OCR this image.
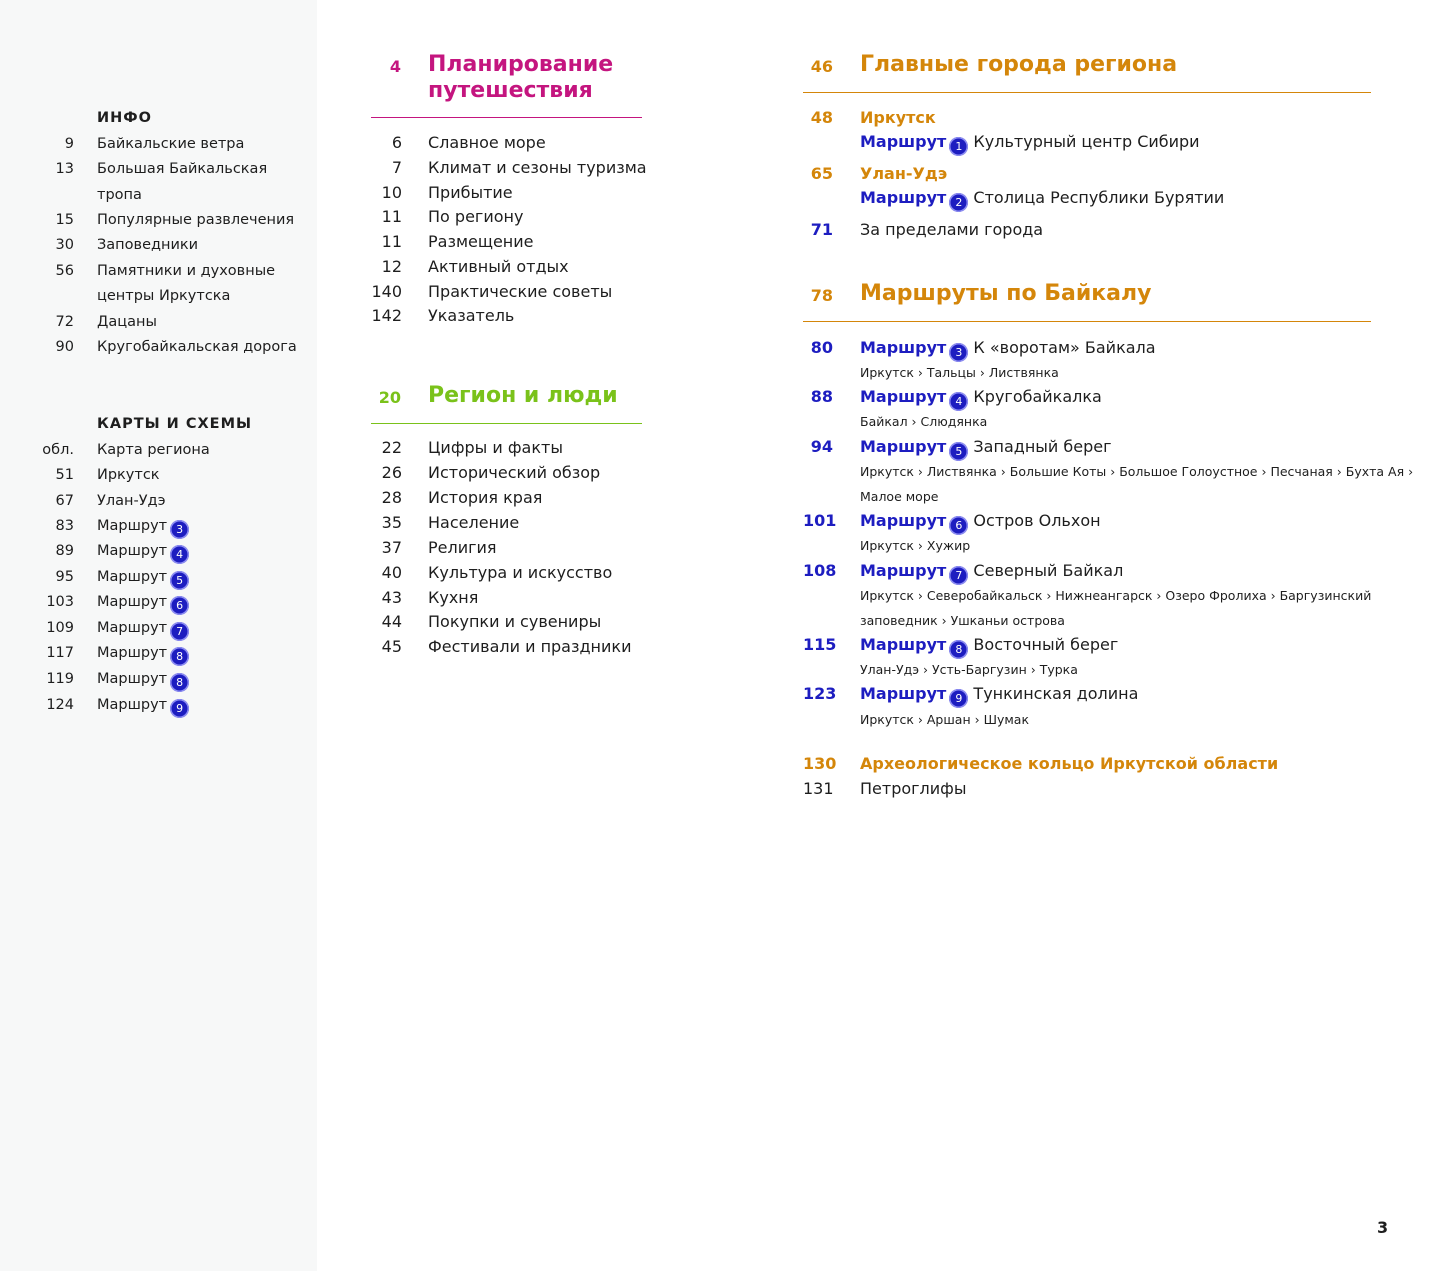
ИНФО
9 Байкальские ветра
13 Большая Байкальская
тропа
15 Популярные развлечения
30 Заповедники
56 Памятники и духовные
центры Иркутска
72 Дацаны
90 Кругобайкальская дорога
КАРТЫ И СХЕМЫ
обл. Карта региона
51 Иркутск
67 Улан-Удэ
83 Маршрут 3
89 Маршрут 4
95 Маршрут 5
103 Маршрут 6
109 Маршрут 7
117 Маршрут 8
119 Маршрут 8
124 Маршрут 9
4 Планирование
путешествия
6 Славное море
7 Климат и сезоны туризма
10 Прибытие
11 По региону
11 Размещение
12 Активный отдых
140 Практические советы
142 Указатель
20 Регион и люди
22 Цифры и факты
26 Исторический обзор
28 История края
35 Население
37 Религия
40 Культура и искусство
43 Кухня
44 Покупки и сувениры
45 Фестивали и праздники
46 Главные города региона
48 Иркутск
Маршрут 1 Культурный центр Сибири
65 Улан-Удэ
Маршрут 2 Столица Республики Бурятии
71 За пределами города
78 Маршруты по Байкалу
80 Маршрут 3 К «воротам» Байкала
Иркутск › Тальцы › Листвянка
88 Маршрут 4 Кругобайкалка
Байкал › Слюдянка
94 Маршрут 5 Западный берег
Иркутск › Листвянка › Большие Коты › Большое Голоустное › Песчаная › Бухта Ая ›
Малое море
101 Маршрут 6 Остров Ольхон
Иркутск › Хужир
108 Маршрут 7 Северный Байкал
Иркутск › Северобайкальск › Нижнеангарск › Озеро Фролиха › Баргузинский
заповедник › Ушканьи острова
115 Маршрут 8 Восточный берег
Улан-Удэ › Усть-Баргузин › Турка
123 Маршрут 9 Тункинская долина
Иркутск › Аршан › Шумак
130 Археологическое кольцо Иркутской области
131 Петроглифы
3
